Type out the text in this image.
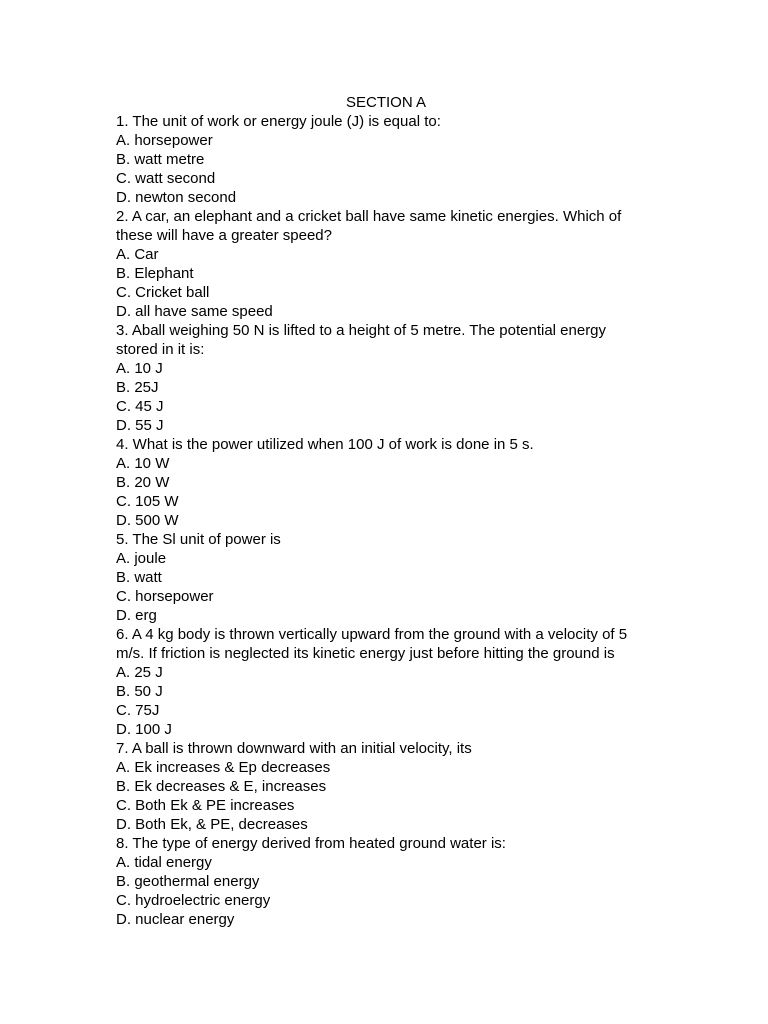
SECTION A
1. The unit of work or energy joule (J) is equal to:
A. horsepower
B. watt metre
C. watt second
D. newton second
2. A car, an elephant and a cricket ball have same kinetic energies. Which of
these will have a greater speed?
A. Car
B. Elephant
C. Cricket ball
D. all have same speed
3. Aball weighing 50 N is lifted to a height of 5 metre. The potential energy
stored in it is:
A. 10 J
B. 25J
C. 45 J
D. 55 J
4. What is the power utilized when 100 J of work is done in 5 s.
A. 10 W
B. 20 W
C. 105 W
D. 500 W
5. The Sl unit of power is
A. joule
B. watt
C. horsepower
D. erg
6. A 4 kg body is thrown vertically upward from the ground with a velocity of 5
m/s. If friction is neglected its kinetic energy just before hitting the ground is
A. 25 J
B. 50 J
C. 75J
D. 100 J
7. A ball is thrown downward with an initial velocity, its
A. Ek increases & Ep decreases
B. Ek decreases & E, increases
C. Both Ek & PE increases
D. Both Ek, & PE, decreases
8. The type of energy derived from heated ground water is:
A. tidal energy
B. geothermal energy
C. hydroelectric energy
D. nuclear energy
